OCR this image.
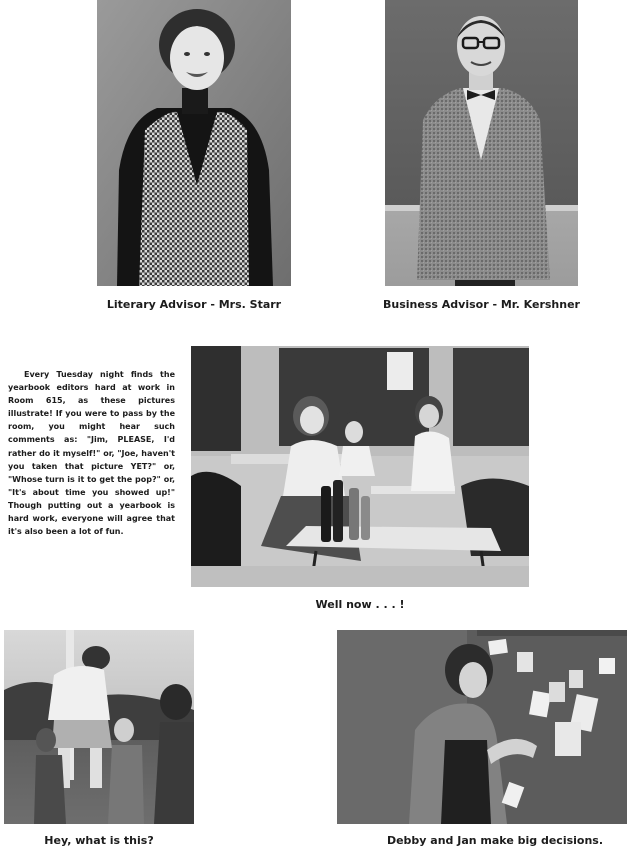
Literary Advisor - Mrs. Starr	Business Advisor - Mr. Kershner

Every Tuesday night finds the yearbook editors hard at work in Room 615, as these pictures illustrate! If you were to pass by the room, you might hear such comments as: "Jim, PLEASE, I'd rather do it myself!" or, "Joe, haven't you taken that picture YET?" or, "Whose turn is it to get the pop?" or, "It's about time you showed up!" Though putting out a yearbook is hard work, everyone will agree that it's also been a lot of fun.

Well now . . . !
Hey, what is this?	Debby and Jan make big decisions.
